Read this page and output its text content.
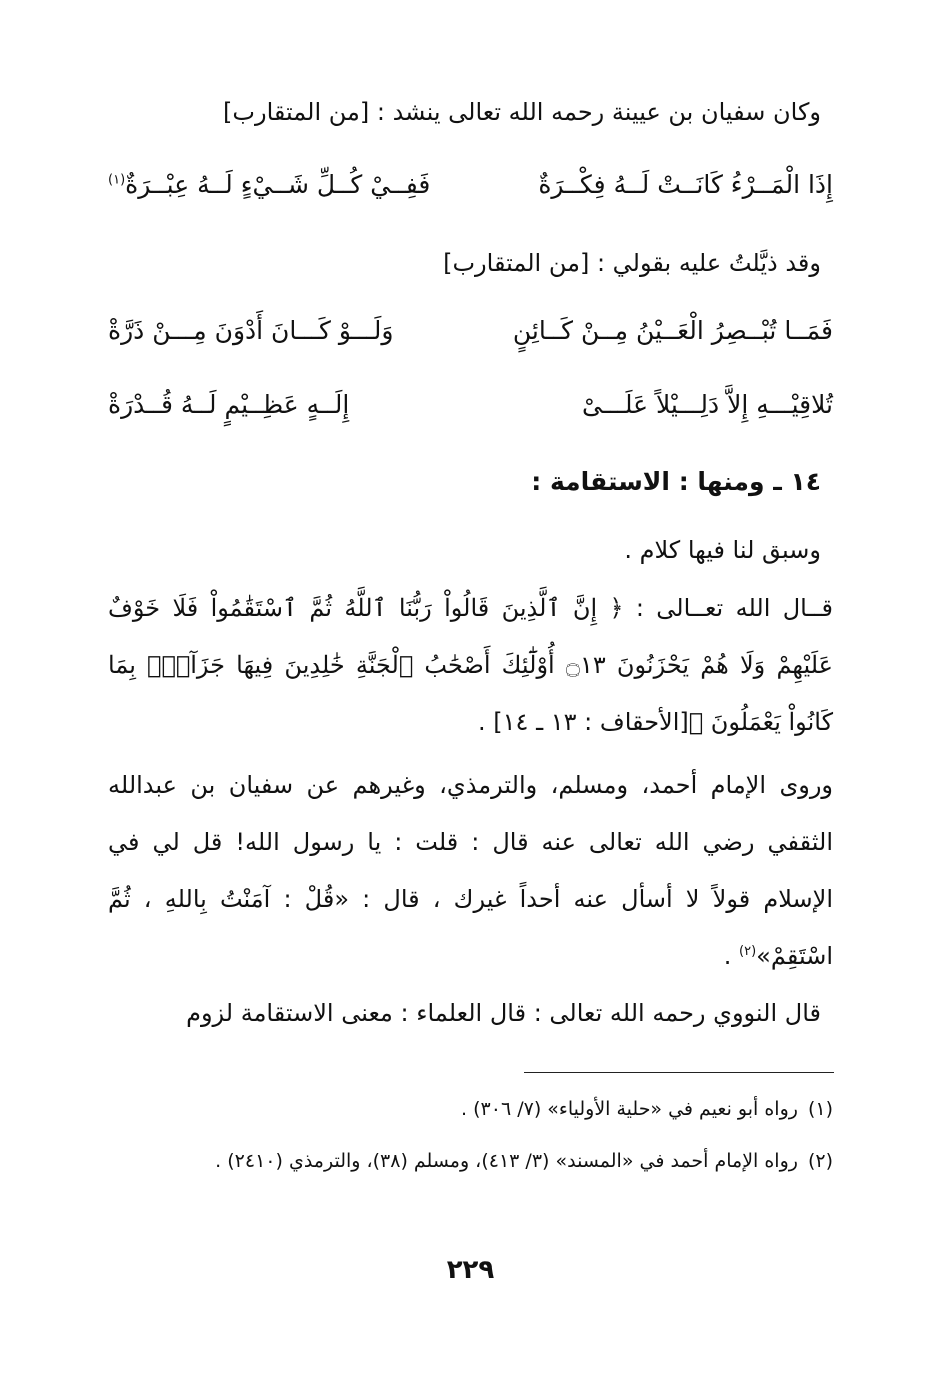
وكان سفيان بن عيينة رحمه الله تعالى ينشد : [من المتقارب]

إِذَا الْمَــرْءُ كَانَــتْ لَــهُ فِكْــرَةٌ
فَفِــيْ كُــلِّ شَــيْءٍ لَــهُ عِبْــرَةٌ$^{(١)}$

وقد ذيَّلتُ عليه بقولي : [من المتقارب]

فَمَــا تُبْــصِرُ الْعَــيْنُ مِــنْ كَــائِنٍ
وَلَـــوْ كَـــانَ أَدْوَنَ مِـــنْ ذَرَّةْ
تُلاقِيْـــهِ إِلاَّ دَلِـــيْلاً عَلَـــىْ
إِلَــهٍ عَظِــيْمٍ لَــهُ قُــدْرَةْ

١٤ ـ ومنها : الاستقامة :

وسبق لنا فيها كلام .

قــال الله تعــالى : ﴿ إِنَّ ٱلَّذِينَ قَالُواْ رَبُّنَا ٱللَّهُ ثُمَّ ٱسْتَقَٰمُواْ فَلَا خَوْفٌ عَلَيْهِمْ وَلَا هُمْ يَحْزَنُونَ ۝١٣ أُوْلَٰٓئِكَ أَصْحَٰبُ ٱلْجَنَّةِ خَٰلِدِينَ فِيهَا جَزَآءًۢ بِمَا كَانُواْ يَعْمَلُونَ ﴾[الأحقاف : ١٣ ـ ١٤] .

وروى الإمام أحمد، ومسلم، والترمذي، وغيرهم عن سفيان بن عبدالله الثقفي رضي الله تعالى عنه قال : قلت : يا رسول الله! قل لي في الإسلام قولاً لا أسأل عنه أحداً غيرك ، قال : «قُلْ : آمَنْتُ بِاللهِ ، ثُمَّ اسْتَقِمْ»$^{(٢)}$ .

قال النووي رحمه الله تعالى : قال العلماء : معنى الاستقامة لزوم

(١)رواه أبو نعيم في «حلية الأولياء» (٧/ ٣٠٦) .

(٢)رواه الإمام أحمد في «المسند» (٣/ ٤١٣)، ومسلم (٣٨)، والترمذي (٢٤١٠) .

٢٢٩
